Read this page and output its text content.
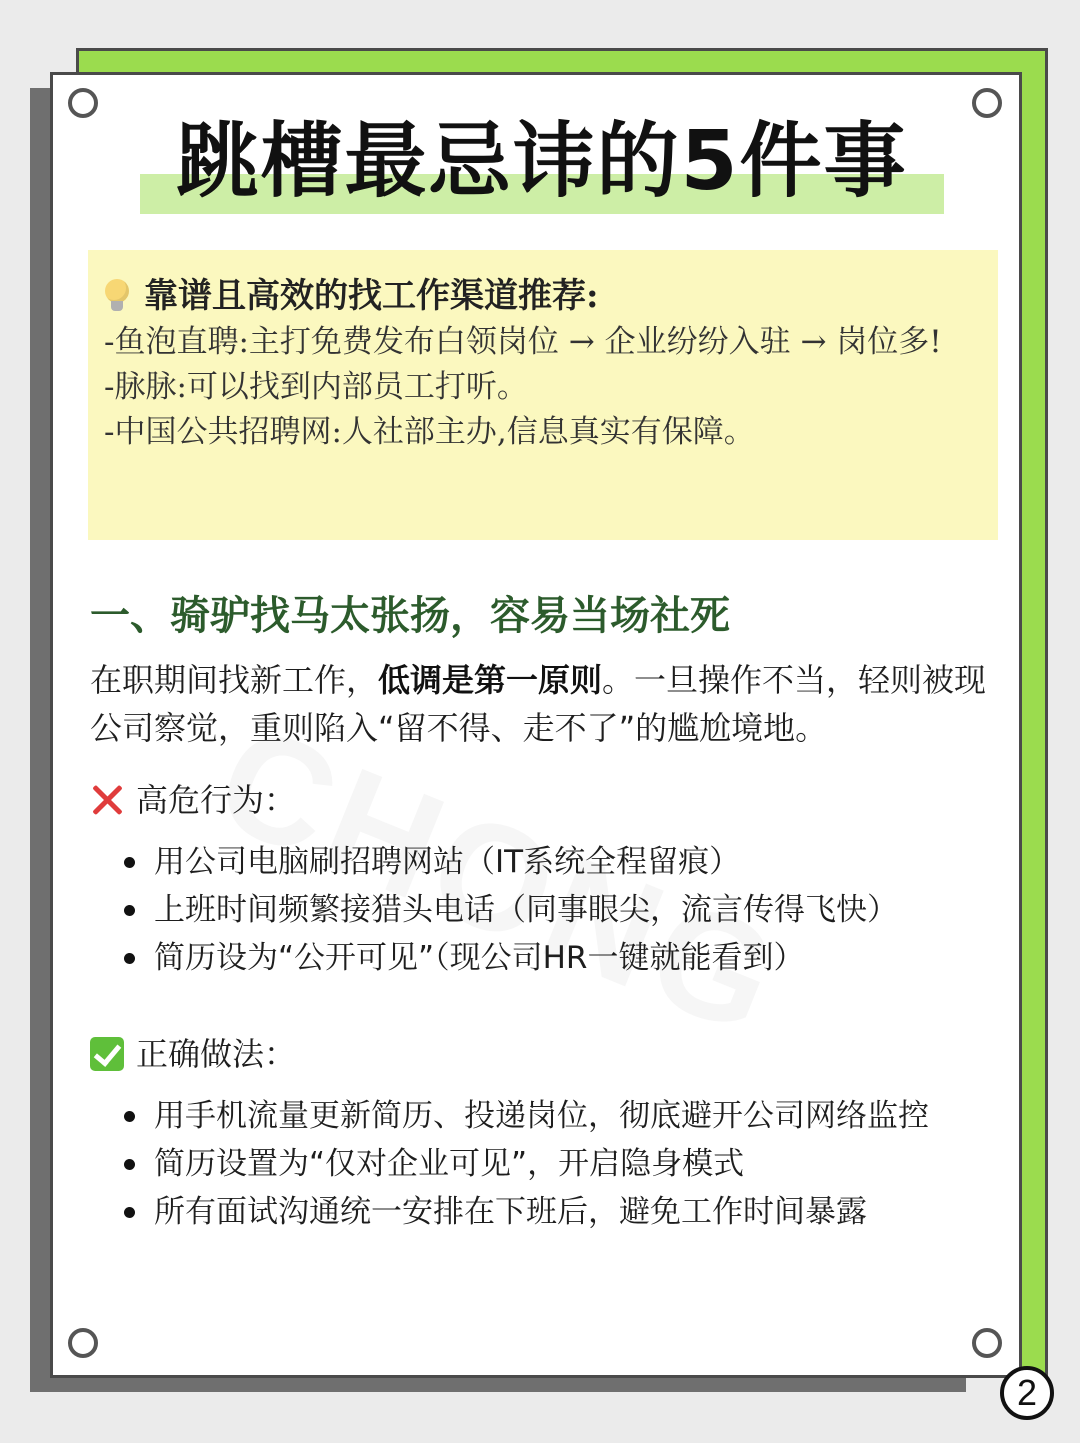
跳槽最忌讳的5件事
靠谱且高效的找工作渠道推荐:
-鱼泡直聘:主打免费发布白领岗位 → 企业纷纷入驻 → 岗位多!
-脉脉:可以找到内部员工打听。
-中国公共招聘网:人社部主办,信息真实有保障。
一、骑驴找马太张扬，容易当场社死
在职期间找新工作，低调是第一原则。一旦操作不当，轻则被现公司察觉，重则陷入“留不得、走不了”的尴尬境地。
高危行为：
用公司电脑刷招聘网站（IT系统全程留痕）
上班时间频繁接猎头电话（同事眼尖，流言传得飞快）
简历设为“公开可见”（现公司HR一键就能看到）
正确做法：
用手机流量更新简历、投递岗位，彻底避开公司网络监控
简历设置为“仅对企业可见”，开启隐身模式
所有面试沟通统一安排在下班后，避免工作时间暴露
2
